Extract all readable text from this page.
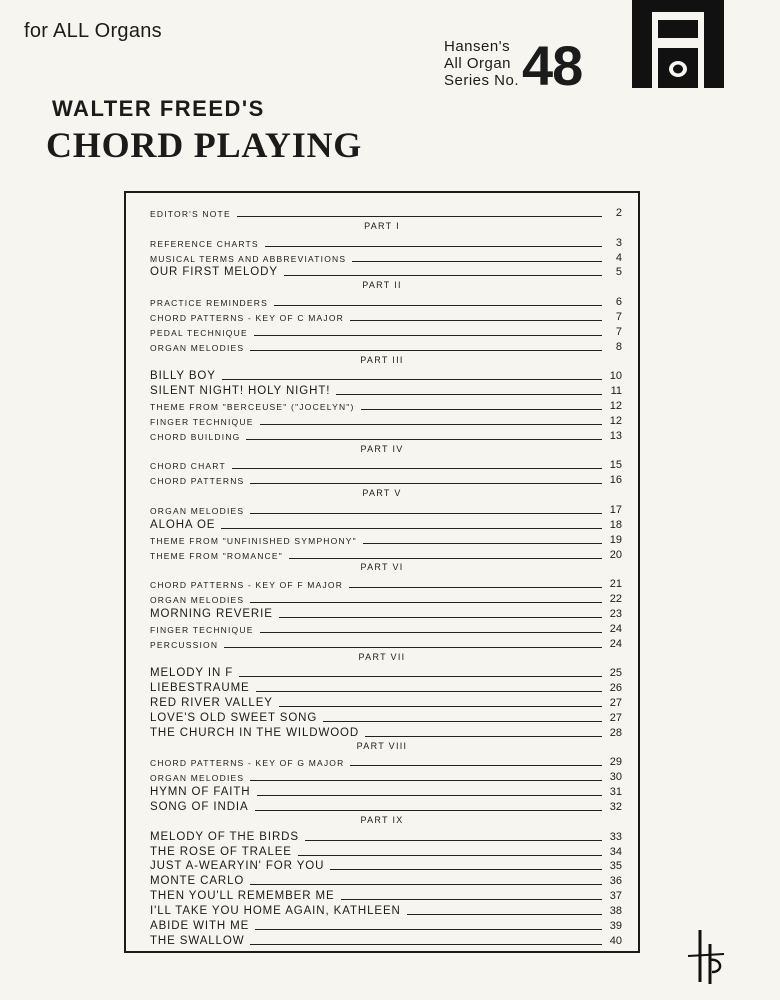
for ALL Organs
Hansen's
All Organ
Series No. 48
WALTER FREED'S
CHORD PLAYING
EDITOR'S NOTE	2
PART I
REFERENCE CHARTS	3
MUSICAL TERMS AND ABBREVIATIONS	4
OUR FIRST MELODY	5
PART II
PRACTICE REMINDERS	6
CHORD PATTERNS - KEY OF C MAJOR	7
PEDAL TECHNIQUE	7
ORGAN MELODIES	8
PART III
BILLY BOY	10
SILENT NIGHT! HOLY NIGHT!	11
THEME FROM "BERCEUSE" ("JOCELYN")	12
FINGER TECHNIQUE	12
CHORD BUILDING	13
PART IV
CHORD CHART	15
CHORD PATTERNS	16
PART V
ORGAN MELODIES	17
ALOHA OE	18
THEME FROM "UNFINISHED SYMPHONY"	19
THEME FROM "ROMANCE"	20
PART VI
CHORD PATTERNS - KEY OF F MAJOR	21
ORGAN MELODIES	22
MORNING REVERIE	23
FINGER TECHNIQUE	24
PERCUSSION	24
PART VII
MELODY IN F	25
LIEBESTRAUME	26
RED RIVER VALLEY	27
LOVE'S OLD SWEET SONG	27
THE CHURCH IN THE WILDWOOD	28
PART VIII
CHORD PATTERNS - KEY OF G MAJOR	29
ORGAN MELODIES	30
HYMN OF FAITH	31
SONG OF INDIA	32
PART IX
MELODY OF THE BIRDS	33
THE ROSE OF TRALEE	34
JUST A-WEARYIN' FOR YOU	35
MONTE CARLO	36
THEN YOU'LL REMEMBER ME	37
I'LL TAKE YOU HOME AGAIN, KATHLEEN	38
ABIDE WITH ME	39
THE SWALLOW	40
